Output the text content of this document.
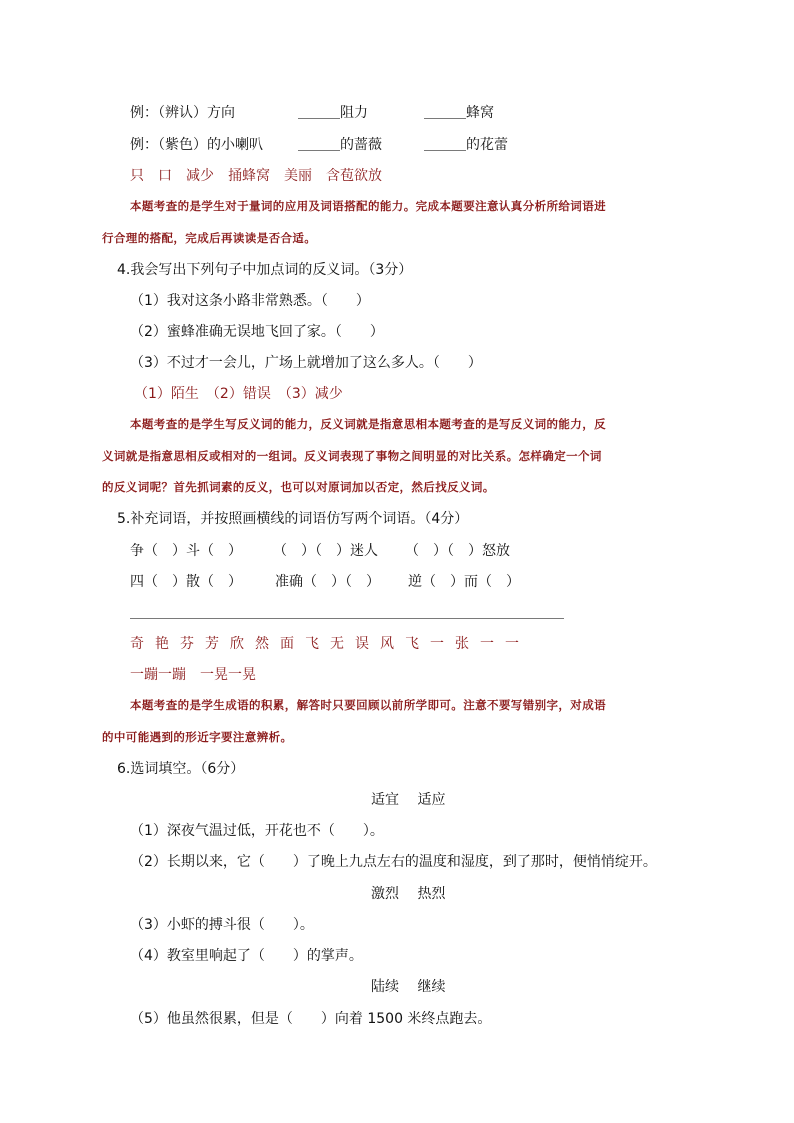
例：（辨认）方向	＿＿＿阻力	＿＿＿蜂窝
例：（紫色）的小喇叭	＿＿＿的蔷薇	＿＿＿的花蕾
只　口　减少　捅蜂窝　美丽　含苞欲放
本题考查的是学生对于量词的应用及词语搭配的能力。完成本题要注意认真分析所给词语进
行合理的搭配，完成后再读读是否合适。
4.我会写出下列句子中加点词的反义词。（3分）
（1）我对这条小路非常熟悉。（　　）
（2）蜜蜂准确无误地飞回了家。（　　）
（3）不过才一会儿，广场上就增加了这么多人。（　　）
（1）陌生　（2）错误　（3）减少
本题考查的是学生写反义词的能力，反义词就是指意思相本题考查的是写反义词的能力，反
义词就是指意思相反或相对的一组词。反义词表现了事物之间明显的对比关系。怎样确定一个词
的反义词呢？首先抓词素的反义，也可以对原词加以否定，然后找反义词。
5.补充词语，并按照画横线的词语仿写两个词语。（4分）
争（　）斗（　） （　）（　）迷人 （　）（　）怒放
四（　）散（　） 准确（　）（　） 逆（　）而（　）
＿＿＿＿＿＿＿＿＿＿＿＿＿＿＿＿＿＿＿＿＿＿＿＿＿＿＿＿＿＿＿
奇艳芬芳欣然面飞无误风飞一张一一
一蹦一蹦　一晃一晃
本题考查的是学生成语的积累，解答时只要回顾以前所学即可。注意不要写错别字，对成语
的中可能遇到的形近字要注意辨析。
6.选词填空。（6分）
适宜　 适应
（1）深夜气温过低，开花也不（　　）。
（2）长期以来，它（　　）了晚上九点左右的温度和湿度，到了那时，便悄悄绽开。
激烈　 热烈
（3）小虾的搏斗很（　　）。
（4）教室里响起了（　　）的掌声。
陆续　 继续
（5）他虽然很累，但是（　　）向着 1500 米终点跑去。
